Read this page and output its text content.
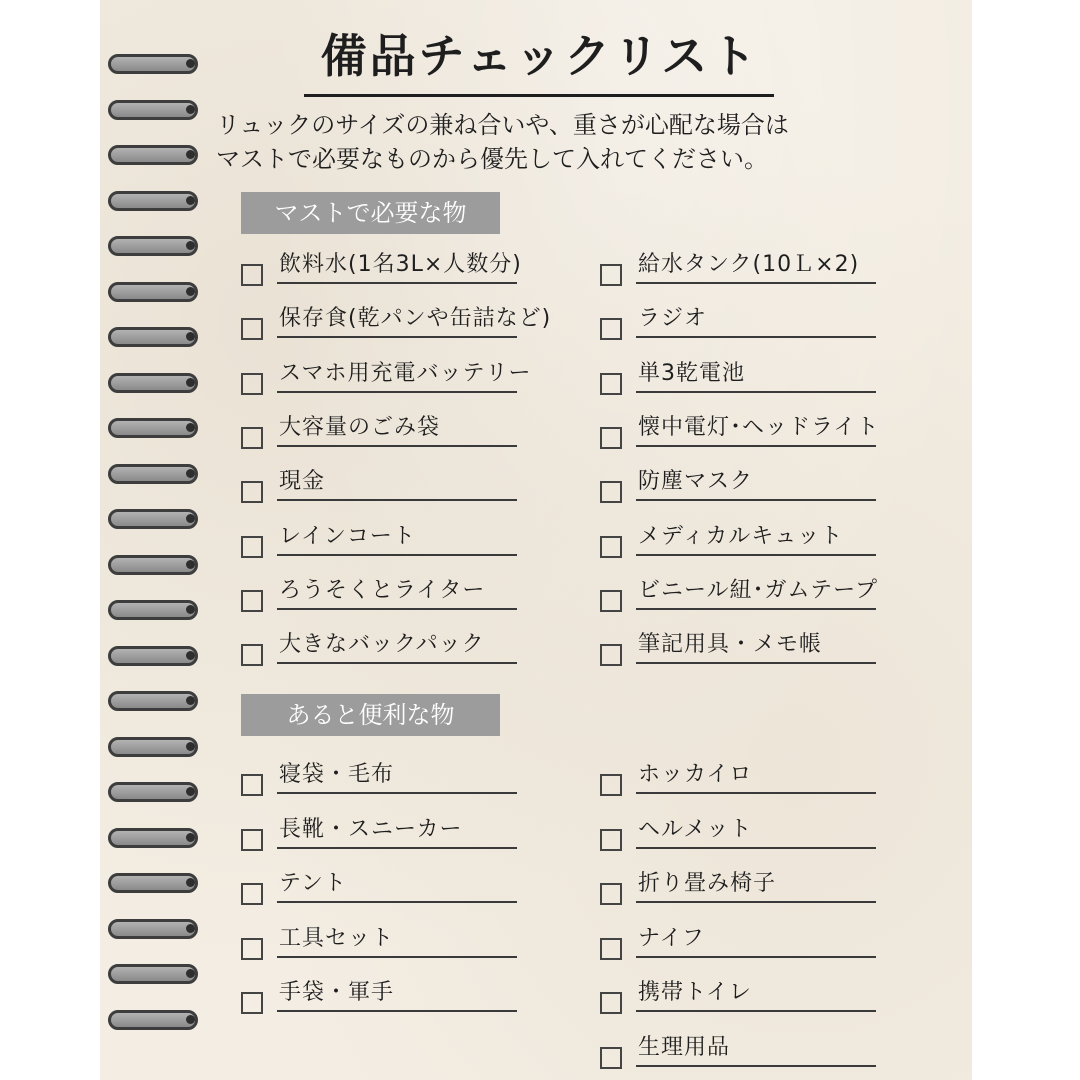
備品チェックリスト
リュックのサイズの兼ね合いや、重さが心配な場合は
マストで必要なものから優先して入れてください。
マストで必要な物
飲料水(1名3L×人数分)
保存食(乾パンや缶詰など)
スマホ用充電バッテリー
大容量のごみ袋
現金
レインコート
ろうそくとライター
大きなバックパック
給水タンク(10Ｌ×2)
ラジオ
単3乾電池
懐中電灯･ヘッドライト
防塵マスク
メディカルキュット
ビニール紐･ガムテープ
筆記用具・メモ帳
あると便利な物
寝袋・毛布
長靴・スニーカー
テント
工具セット
手袋・軍手
ホッカイロ
ヘルメット
折り畳み椅子
ナイフ
携帯トイレ
生理用品
